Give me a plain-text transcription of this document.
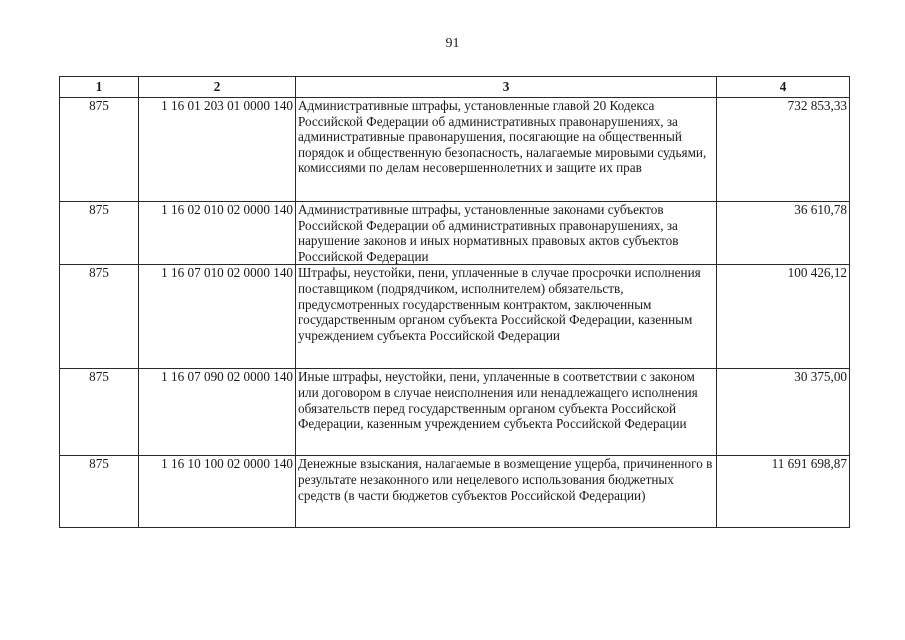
91
1	2	3	4
875	1 16 01 203 01 0000 140	Административные штрафы, установленные главой 20 Кодекса Российской Федерации об административных правонарушениях, за административные правонарушения, посягающие на общественный порядок и общественную безопасность, налагаемые мировыми судьями, комиссиями по делам несовершеннолетних и защите их прав	732 853,33
875	1 16 02 010 02 0000 140	Административные штрафы, установленные законами субъектов Российской Федерации об административных правонарушениях, за нарушение законов и иных нормативных правовых актов субъектов Российской Федерации	36 610,78
875	1 16 07 010 02 0000 140	Штрафы, неустойки, пени, уплаченные в случае просрочки исполнения поставщиком (подрядчиком, исполнителем) обязательств, предусмотренных государственным контрактом, заключенным государственным органом субъекта Российской Федерации, казенным учреждением субъекта Российской Федерации	100 426,12
875	1 16 07 090 02 0000 140	Иные штрафы, неустойки, пени, уплаченные в соответствии с законом или договором в случае неисполнения или ненадлежащего исполнения обязательств перед государственным органом субъекта Российской Федерации, казенным учреждением субъекта Российской Федерации	30 375,00
875	1 16 10 100 02 0000 140	Денежные взыскания, налагаемые в возмещение ущерба, причиненного в результате незаконного или нецелевого использования бюджетных средств (в части бюджетов субъектов Российской Федерации)	11 691 698,87
